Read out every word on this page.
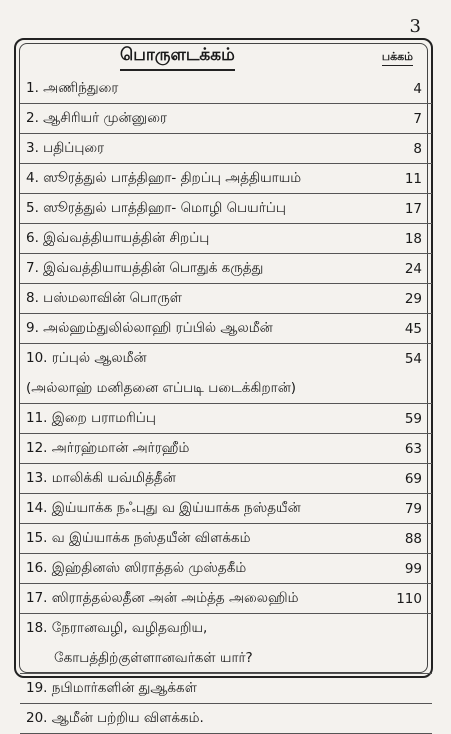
3
பொருளடக்கம்	பக்கம்
1. அணிந்துரை	4
2. ஆசிரியர் முன்னுரை	7
3. பதிப்புரை	8
4. ஸூரத்துல் பாத்திஹா- திறப்பு அத்தியாயம்	11
5. ஸூரத்துல் பாத்திஹா- மொழி பெயர்ப்பு	17
6. இவ்வத்தியாயத்தின் சிறப்பு	18
7. இவ்வத்தியாயத்தின் பொதுக் கருத்து	24
8. பஸ்மலாவின் பொருள்	29
9. அல்ஹம்துலில்லாஹி ரப்பில் ஆலமீன்	45
10. ரப்புல் ஆலமீன்	54
(அல்லாஹ் மனிதனை எப்படி படைக்கிறான்)
11. இறை பராமரிப்பு	59
12. அர்ரஹ்மான் அர்ரஹீம்	63
13. மாலிக்கி யவ்மித்தீன்	69
14. இய்யாக்க நஃபுது வ இய்யாக்க நஸ்தயீன்	79
15. வ இய்யாக்க நஸ்தயீன் விளக்கம்	88
16. இஹ்தினஸ் ஸிராத்தல் முஸ்தகீம்	99
17. ஸிராத்தல்லதீன அன் அம்த்த அலைஹிம்	110
18. நேரானவழி, வழிதவறிய,
கோபத்திற்குள்ளானவர்கள் யார்?
19. நபிமார்களின் துஆக்கள்
20. ஆமீன் பற்றிய விளக்கம்.
